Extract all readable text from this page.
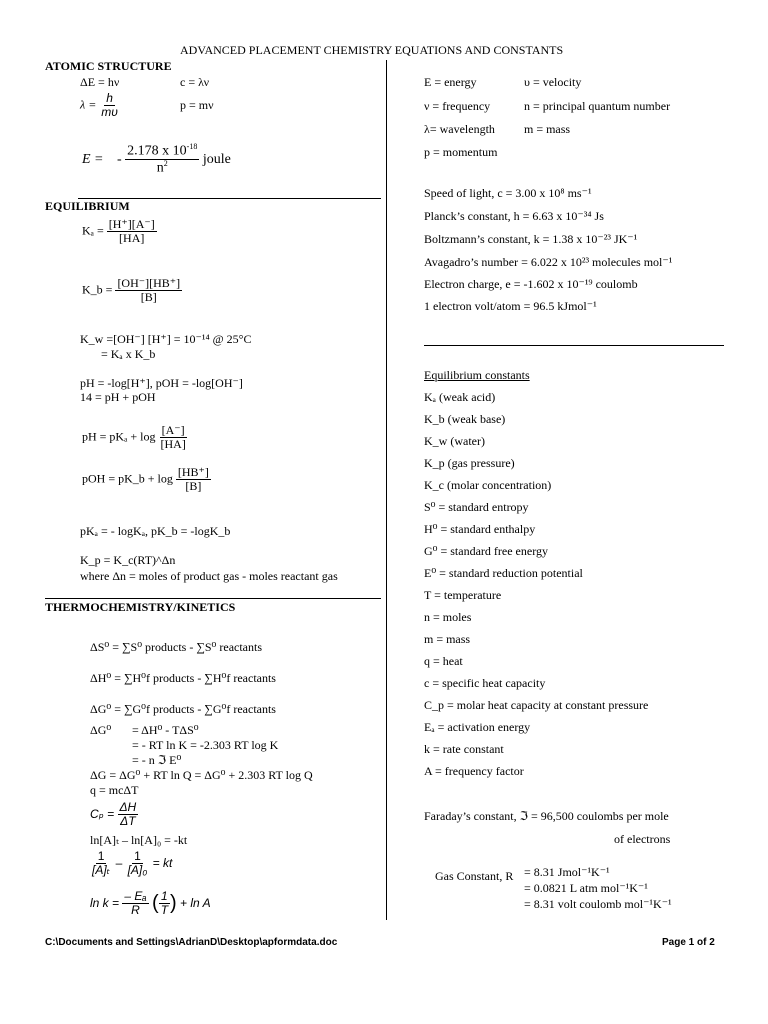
ADVANCED PLACEMENT CHEMISTRY EQUATIONS AND CONSTANTS
ATOMIC STRUCTURE
ΔE = hν	c = λν
$\lambda = \frac{h}{m\upsilon}$	p = mν
E = - $\frac{2.178 x 10^{-18}}{n^2}$ joule
EQUILIBRIUM
$K_a = \frac{[H^+][A^-]}{[HA]}$
K_b = $\frac{[OH^-][HB^+]}{[B]}$
K_w =[OH⁻] [H⁺] = 10⁻¹⁴ @ 25°C
= Kₐ x K_b
pH = -log[H⁺], pOH = -log[OH⁻]
14 = pH + pOH
pH = $pK_a + \log \frac{[A^-]}{[HA]}$
pOH = pK_b + $\log \frac{[HB^+]}{[B]}$
pKₐ = - logKₐ, pK_b = -logK_b
K_p = K_c(RT)^Δn
where Δn = moles of product gas - moles reactant gas
THERMOCHEMISTRY/KINETICS
ΔS⁰ = ∑S⁰ products - ∑S⁰ reactants
ΔH⁰ = ∑H⁰f products - ∑H⁰f reactants
ΔG⁰ = ∑G⁰f products - ∑G⁰f reactants
ΔG⁰ = ΔH⁰ - TΔS⁰
= - RT ln K = -2.303 RT log K
= - n ℑ E⁰
ΔG = ΔG⁰ + RT ln Q = ΔG⁰ + 2.303 RT log Q
q = mcΔT
$C_p = \frac{\Delta H}{\Delta T}$
ln[A]ₜ – ln[A]₀ = -kt
$\frac{1}{\text{[A]ₜ}} - \frac{1}{\text{[A]₀}}$ = kt
$\ln k = \frac{\text{– Eₐ}}{R}$ ( $\frac{1}{T}$ ) + ln A
E = energy	υ = velocity
ν = frequency	n = principal quantum number
λ= wavelength m = mass
p = momentum
Speed of light, c = 3.00 x 10⁸ ms⁻¹
Planck’s constant, h = 6.63 x 10⁻³⁴ Js
Boltzmann’s constant, k = 1.38 x 10⁻²³ JK⁻¹
Avagadro’s number = 6.022 x 10²³ molecules mol⁻¹
Electron charge, e = -1.602 x 10⁻¹⁹ coulomb
1 electron volt/atom = 96.5 kJmol⁻¹
Equilibrium constants
Kₐ (weak acid)
K_b (weak base)
K_w (water)
K_p (gas pressure)
K_c (molar concentration)
S⁰ = standard entropy
H⁰ = standard enthalpy
G⁰ = standard free energy
E⁰ = standard reduction potential
T = temperature
n = moles
m = mass
q = heat
c = specific heat capacity
C_p = molar heat capacity at constant pressure
Eₐ = activation energy
k = rate constant
A = frequency factor
Faraday’s constant, ℑ = 96,500 coulombs per mole
of electrons
Gas Constant, R = 8.31 Jmol⁻¹K⁻¹
= 0.0821 L atm mol⁻¹K⁻¹
= 8.31 volt coulomb mol⁻¹K⁻¹
C:\Documents and Settings\AdrianD\Desktop\apformdata.doc	Page 1 of 2
